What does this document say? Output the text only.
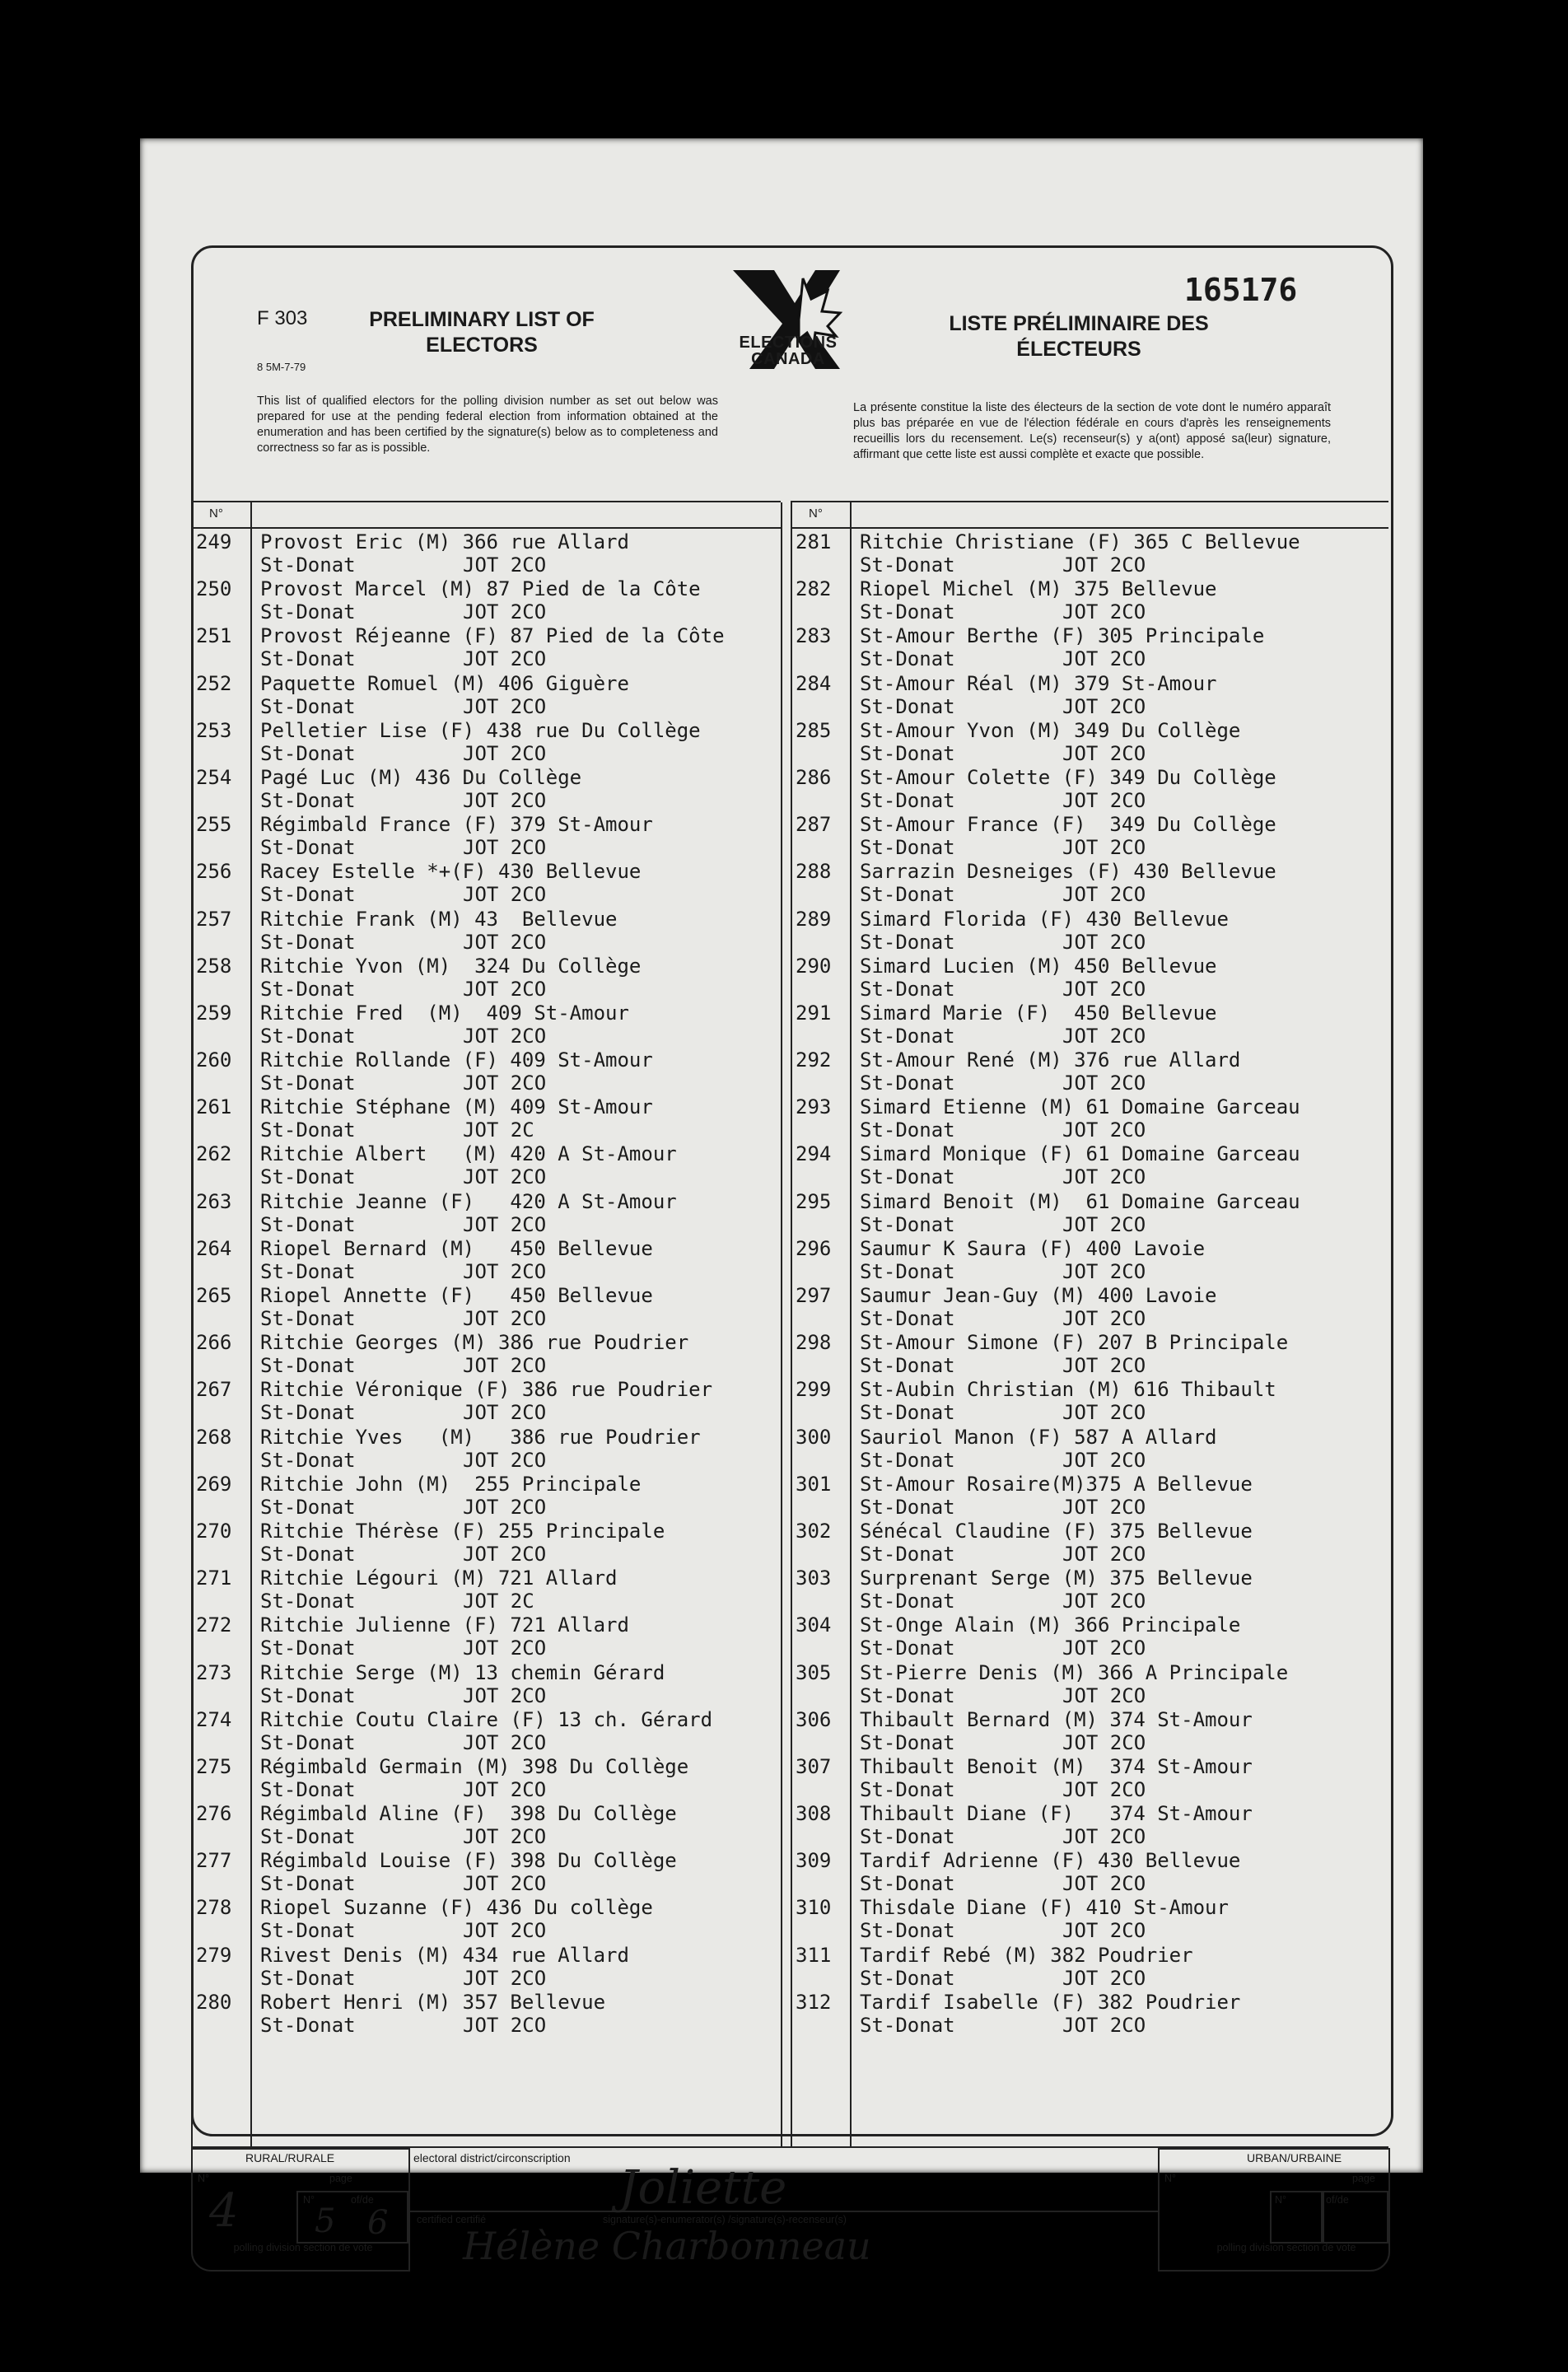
F 303
8 5M-7-79
PRELIMINARY LIST OF ELECTORS	ELECTIONS CANADA
165176
LISTE PRÉLIMINAIRE DES ÉLECTEURS
This list of qualified electors for the polling division number as set out below was prepared for use at the pending federal election from information obtained at the enumeration and has been certified by the signature(s) below as to completeness and correctness so far as is possible.
La présente constitue la liste des électeurs de la section de vote dont le numéro apparaît plus bas préparée en vue de l'élection fédérale en cours d'après les renseignements recueillis lors du recensement. Le(s) recenseur(s) y a(ont) apposé sa(leur) signature, affirmant que cette liste est aussi complète et exacte que possible.
N°
249	Provost Eric (M) 366 rue Allard
St-Donat	JOT 2CO
250	Provost Marcel (M) 87 Pied de la Côte
St-Donat	JOT 2CO
251	Provost Réjeanne (F) 87 Pied de la Côte
St-Donat	JOT 2CO
252	Paquette Romuel (M) 406 Giguère
St-Donat	JOT 2CO
253	Pelletier Lise (F) 438 rue Du Collège
St-Donat	JOT 2CO
254	Pagé Luc (M) 436 Du Collège
St-Donat	JOT 2CO
255	Régimbald France (F) 379 St-Amour
St-Donat	JOT 2CO
256	Racey Estelle *+(F) 430 Bellevue
St-Donat	JOT 2CO
257	Ritchie Frank (M) 43  Bellevue
St-Donat	JOT 2CO
258	Ritchie Yvon (M)  324 Du Collège
St-Donat	JOT 2CO
259	Ritchie Fred  (M)  409 St-Amour
St-Donat	JOT 2CO
260	Ritchie Rollande (F) 409 St-Amour
St-Donat	JOT 2CO
261	Ritchie Stéphane (M) 409 St-Amour
St-Donat	JOT 2C
262	Ritchie Albert   (M) 420 A St-Amour
St-Donat	JOT 2CO
263	Ritchie Jeanne (F)   420 A St-Amour
St-Donat	JOT 2CO
264	Riopel Bernard (M)   450 Bellevue
St-Donat	JOT 2CO
265	Riopel Annette (F)   450 Bellevue
St-Donat	JOT 2CO
266	Ritchie Georges (M) 386 rue Poudrier
St-Donat	JOT 2CO
267	Ritchie Véronique (F) 386 rue Poudrier
St-Donat	JOT 2CO
268	Ritchie Yves   (M)   386 rue Poudrier
St-Donat	JOT 2CO
269	Ritchie John (M)  255 Principale
St-Donat	JOT 2CO
270	Ritchie Thérèse (F) 255 Principale
St-Donat	JOT 2CO
271	Ritchie Légouri (M) 721 Allard
St-Donat	JOT 2C
272	Ritchie Julienne (F) 721 Allard
St-Donat	JOT 2CO
273	Ritchie Serge (M) 13 chemin Gérard
St-Donat	JOT 2CO
274	Ritchie Coutu Claire (F) 13 ch. Gérard
St-Donat	JOT 2CO
275	Régimbald Germain (M) 398 Du Collège
St-Donat	JOT 2CO
276	Régimbald Aline (F)  398 Du Collège
St-Donat	JOT 2CO
277	Régimbald Louise (F) 398 Du Collège
St-Donat	JOT 2CO
278	Riopel Suzanne (F) 436 Du collège
St-Donat	JOT 2CO
279	Rivest Denis (M) 434 rue Allard
St-Donat	JOT 2CO
280	Robert Henri (M) 357 Bellevue
St-Donat	JOT 2CO
N°
281	Ritchie Christiane (F) 365 C Bellevue
St-Donat	JOT 2CO
282	Riopel Michel (M) 375 Bellevue
St-Donat	JOT 2CO
283	St-Amour Berthe (F) 305 Principale
St-Donat	JOT 2CO
284	St-Amour Réal (M) 379 St-Amour
St-Donat	JOT 2CO
285	St-Amour Yvon (M) 349 Du Collège
St-Donat	JOT 2CO
286	St-Amour Colette (F) 349 Du Collège
St-Donat	JOT 2CO
287	St-Amour France (F)  349 Du Collège
St-Donat	JOT 2CO
288	Sarrazin Desneiges (F) 430 Bellevue
St-Donat	JOT 2CO
289	Simard Florida (F) 430 Bellevue
St-Donat	JOT 2CO
290	Simard Lucien (M) 450 Bellevue
St-Donat	JOT 2CO
291	Simard Marie (F)  450 Bellevue
St-Donat	JOT 2CO
292	St-Amour René (M) 376 rue Allard
St-Donat	JOT 2CO
293	Simard Etienne (M) 61 Domaine Garceau
St-Donat	JOT 2CO
294	Simard Monique (F) 61 Domaine Garceau
St-Donat	JOT 2CO
295	Simard Benoit (M)  61 Domaine Garceau
St-Donat	JOT 2CO
296	Saumur K Saura (F) 400 Lavoie
St-Donat	JOT 2CO
297	Saumur Jean-Guy (M) 400 Lavoie
St-Donat	JOT 2CO
298	St-Amour Simone (F) 207 B Principale
St-Donat	JOT 2CO
299	St-Aubin Christian (M) 616 Thibault
St-Donat	JOT 2CO
300	Sauriol Manon (F) 587 A Allard
St-Donat	JOT 2CO
301	St-Amour Rosaire(M)375 A Bellevue
St-Donat	JOT 2CO
302	Sénécal Claudine (F) 375 Bellevue
St-Donat	JOT 2CO
303	Surprenant Serge (M) 375 Bellevue
St-Donat	JOT 2CO
304	St-Onge Alain (M) 366 Principale
St-Donat	JOT 2CO
305	St-Pierre Denis (M) 366 A Principale
St-Donat	JOT 2CO
306	Thibault Bernard (M) 374 St-Amour
St-Donat	JOT 2CO
307	Thibault Benoit (M)  374 St-Amour
St-Donat	JOT 2CO
308	Thibault Diane (F)   374 St-Amour
St-Donat	JOT 2CO
309	Tardif Adrienne (F) 430 Bellevue
St-Donat	JOT 2CO
310	Thisdale Diane (F) 410 St-Amour
St-Donat	JOT 2CO
311	Tardif Rebé (M) 382 Poudrier
St-Donat	JOT 2CO
312	Tardif Isabelle (F) 382 Poudrier
St-Donat	JOT 2CO
RURAL/RURALE
N°	page
N°	of/de
4 5 6
polling division section de vote
electoral district/circonscription
Joliette
signature(s)-enumerator(s) /signature(s)-recenseur(s)
certified certifié
Hélène Charbonneau
URBAN/URBAINE
N°	page
N°	of/de
polling division section de vote
